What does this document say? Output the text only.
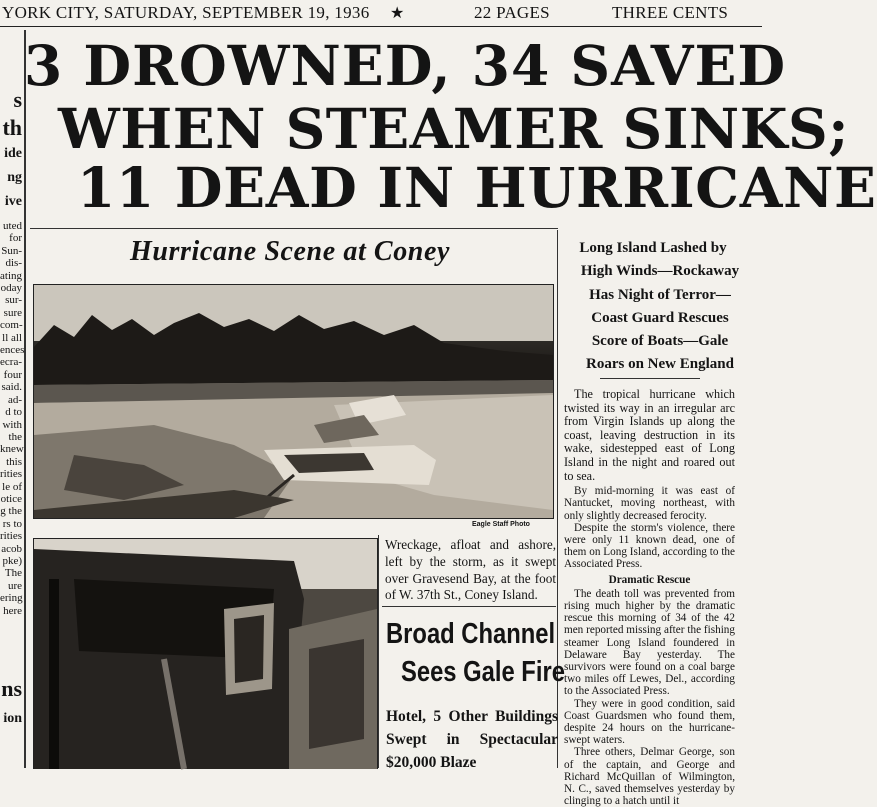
YORK CITY, SATURDAY, SEPTEMBER 19, 1936 ★	22 PAGES	THREE CENTS
s
th
ide
ng
ive
uted
for
Sun-
dis-
ating
oday
sur-
sure
com-
ll all
ences
ecra-
four
said.
ad-
d to
with
the
knew
this
rities
le of
otice
g the
rs to
rities
acob
pke)
The
ure
ering
here
ns
ion
3 DROWNED, 34 SAVED
WHEN STEAMER SINKS;
11 DEAD IN HURRICANE
Hurricane Scene at Coney
Eagle Staff Photo
Wreckage, afloat and ashore, left by the storm, as it swept over Gravesend Bay, at the foot of W. 37th St., Coney Island.
Broad Channel
Sees Gale Fire
Hotel, 5 Other Buildings Swept in Spectacular $20,000 Blaze
Long Island Lashed by
High Winds—Rockaway
Has Night of Terror—
Coast Guard Rescues
Score of Boats—Gale
Roars on New England

The tropical hurricane which twisted its way in an irregular arc from Virgin Islands up along the coast, leaving destruction in its wake, sidestepped east of Long Island in the night and roared out to sea.

By mid-morning it was east of Nantucket, moving northeast, with only slightly decreased ferocity.

Despite the storm's violence, there were only 11 known dead, one of them on Long Island, according to the Associated Press.

Dramatic Rescue

The death toll was prevented from rising much higher by the dramatic rescue this morning of 34 of the 42 men reported missing after the fishing steamer Long Island foundered in Delaware Bay yesterday. The survivors were found on a coal barge two miles off Lewes, Del., according to the Associated Press.

They were in good condition, said Coast Guardsmen who found them, despite 24 hours on the hurricane-swept waters.

Three others, Delmar George, son of the captain, and George and Richard McQuillan of Wilmington, N. C., saved themselves yesterday by clinging to a hatch until it
